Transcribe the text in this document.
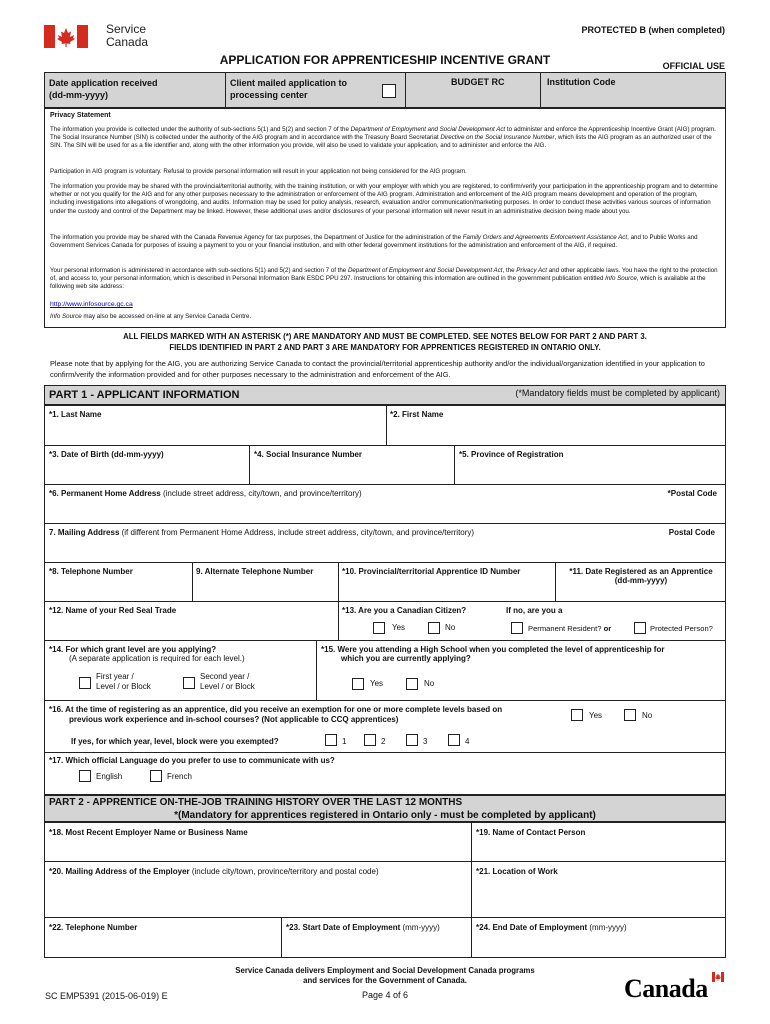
Service
Canada
PROTECTED B (when completed)
APPLICATION FOR APPRENTICESHIP INCENTIVE GRANT	OFFICIAL USE
Date application received
(dd-mm-yyyy)
Client mailed application to
processing center
BUDGET RC	Institution Code
Privacy Statement

The information you provide is collected under the authority of sub-sections 5(1) and 5(2) and section 7 of the Department of Employment and Social Development Act to administer and enforce the Apprenticeship Incentive Grant (AIG) program. The Social Insurance Number (SIN) is collected under the authority of the AIG program and in accordance with the Treasury Board Secretariat Directive on the Social Insurance Number, which lists the AIG program as an authorized user of the SIN. The SIN will be used for as a file identifier and, along with the other information you provide, will also be used to validate your application, and to administer and enforce the AIG.

Participation in AIG program is voluntary. Refusal to provide personal information will result in your application not being considered for the AIG program.

The information you provide may be shared with the provincial/territorial authority, with the training institution, or with your employer with which you are registered, to confirm/verify your participation in the apprenticeship program and to determine whether or not you qualify for the AIG and for any other purposes necessary to the administration or enforcement of the AIG program. Administration and enforcement of the AIG program means development and operation of the program, including investigations into allegations of wrongdoing, and audits. Information may be used for policy analysis, research, evaluation and/or communication/marketing purposes. In order to conduct these activities various sources of information under the custody and control of the Department may be linked. However, these additional uses and/or disclosures of your personal information will never result in an administrative decision being made about you.

The information you provide may be shared with the Canada Revenue Agency for tax purposes, the Department of Justice for the administration of the Family Orders and Agreements Enforcement Assistance Act, and to Public Works and Government Services Canada for purposes of issuing a payment to you or your financial institution, and with other federal government institutions for the administration and enforcement of the AIG, if required.

Your personal information is administered in accordance with sub-sections 5(1) and 5(2) and section 7 of the Department of Employment and Social Development Act, the Privacy Act and other applicable laws. You have the right to the protection of, and access to, your personal information, which is described in Personal Information Bank ESDC PPU 297. Instructions for obtaining this information are outlined in the government publication entitled Info Source, which is available at the following web site address:

http://www.infosource.gc.ca

Info Source may also be accessed on-line at any Service Canada Centre.

ALL FIELDS MARKED WITH AN ASTERISK (*) ARE MANDATORY AND MUST BE COMPLETED. SEE NOTES BELOW FOR PART 2 AND PART 3.
FIELDS IDENTIFIED IN PART 2 AND PART 3 ARE MANDATORY FOR APPRENTICES REGISTERED IN ONTARIO ONLY.

Please note that by applying for the AIG, you are authorizing Service Canada to contact the provincial/territorial apprenticeship authority and/or the individual/organization identified in your application to confirm/verify the information provided and for other purposes necessary to the administration and enforcement of the AIG.

PART 1 - APPLICANT INFORMATION	(*Mandatory fields must be completed by applicant)
*1. Last Name	*2. First Name
*3. Date of Birth (dd-mm-yyyy)	*4. Social Insurance Number	*5. Province of Registration
*6. Permanent Home Address (include street address, city/town, and province/territory)	*Postal Code
7. Mailing Address (if different from Permanent Home Address, include street address, city/town, and province/territory)	Postal Code
*8. Telephone Number	9. Alternate Telephone Number	*10. Provincial/territorial Apprentice ID Number	*11. Date Registered as an Apprentice
(dd-mm-yyyy)
*12. Name of your Red Seal Trade	*13. Are you a Canadian Citizen?	If no, are you a
Yes	No	Permanent Resident? or	Protected Person?
*14. For which grant level are you applying?
(A separate application is required for each level.)
First year /
Level / or Block
Second year /
Level / or Block
*15. Were you attending a High School when you completed the level of apprenticeship for
which you are currently applying?
Yes	No
*16. At the time of registering as an apprentice, did you receive an exemption for one or more complete levels based on
previous work experience and in-school courses? (Not applicable to CCQ apprentices)	Yes	No
If yes, for which year, level, block were you exempted?	1	2	3	4
*17. Which official Language do you prefer to use to communicate with us?
English	French
PART 2 - APPRENTICE ON-THE-JOB TRAINING HISTORY OVER THE LAST 12 MONTHS
*(Mandatory for apprentices registered in Ontario only - must be completed by applicant)
*18. Most Recent Employer Name or Business Name	*19. Name of Contact Person
*20. Mailing Address of the Employer (include city/town, province/territory and postal code)	*21. Location of Work
*22. Telephone Number	*23. Start Date of Employment (mm-yyyy)	*24. End Date of Employment (mm-yyyy)
Service Canada delivers Employment and Social Development Canada programs
and services for the Government of Canada.
SC EMP5391 (2015-06-019) E	Page 4 of 6	Canada
